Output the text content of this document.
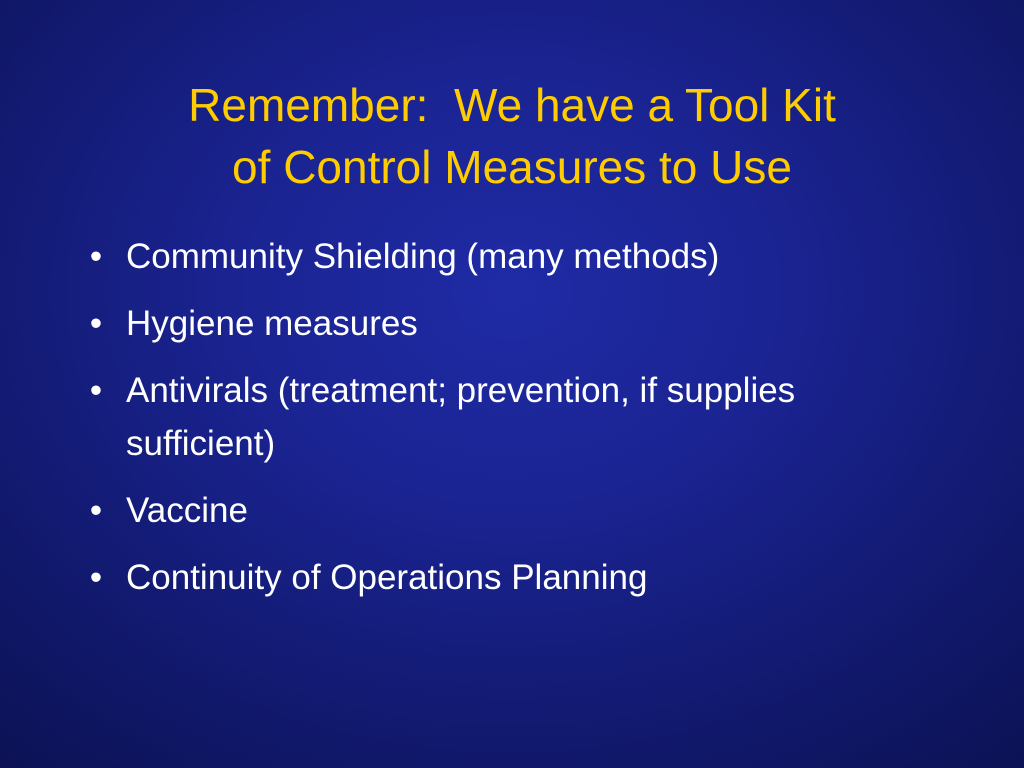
Remember:  We have a Tool Kit
of Control Measures to Use
• Community Shielding (many methods)
• Hygiene measures
• Antivirals (treatment; prevention, if supplies sufficient)
• Vaccine
• Continuity of Operations Planning
